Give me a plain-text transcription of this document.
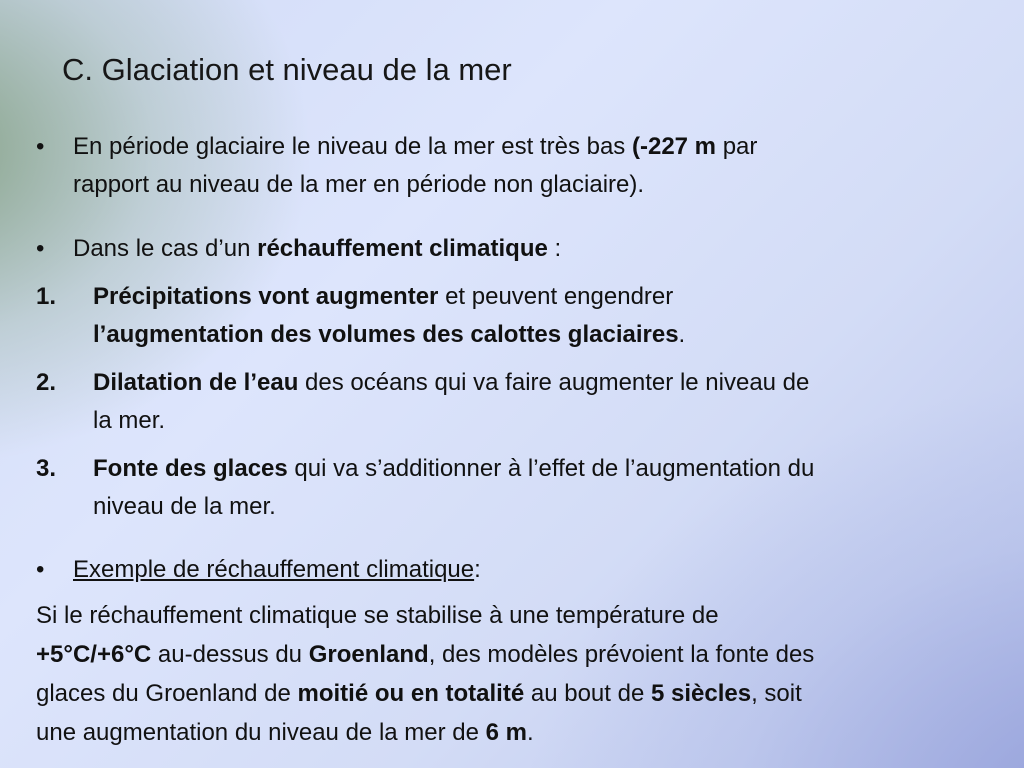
C. Glaciation et niveau de la mer
• En période glaciaire le niveau de la mer est très bas (-227 m par
rapport au niveau de la mer en période non glaciaire).
• Dans le cas d’un réchauffement climatique :
1. Précipitations vont augmenter et peuvent engendrer
l’augmentation des volumes des calottes glaciaires.
2. Dilatation de l’eau des océans qui va faire augmenter le niveau de
la mer.
3. Fonte des glaces qui va s’additionner à l’effet de l’augmentation du
niveau de la mer.
• Exemple de réchauffement climatique:
Si le réchauffement climatique se stabilise à une température de
+5°C/+6°C au-dessus du Groenland, des modèles prévoient la fonte des
glaces du Groenland de moitié ou en totalité au bout de 5 siècles, soit
une augmentation du niveau de la mer de 6 m.
